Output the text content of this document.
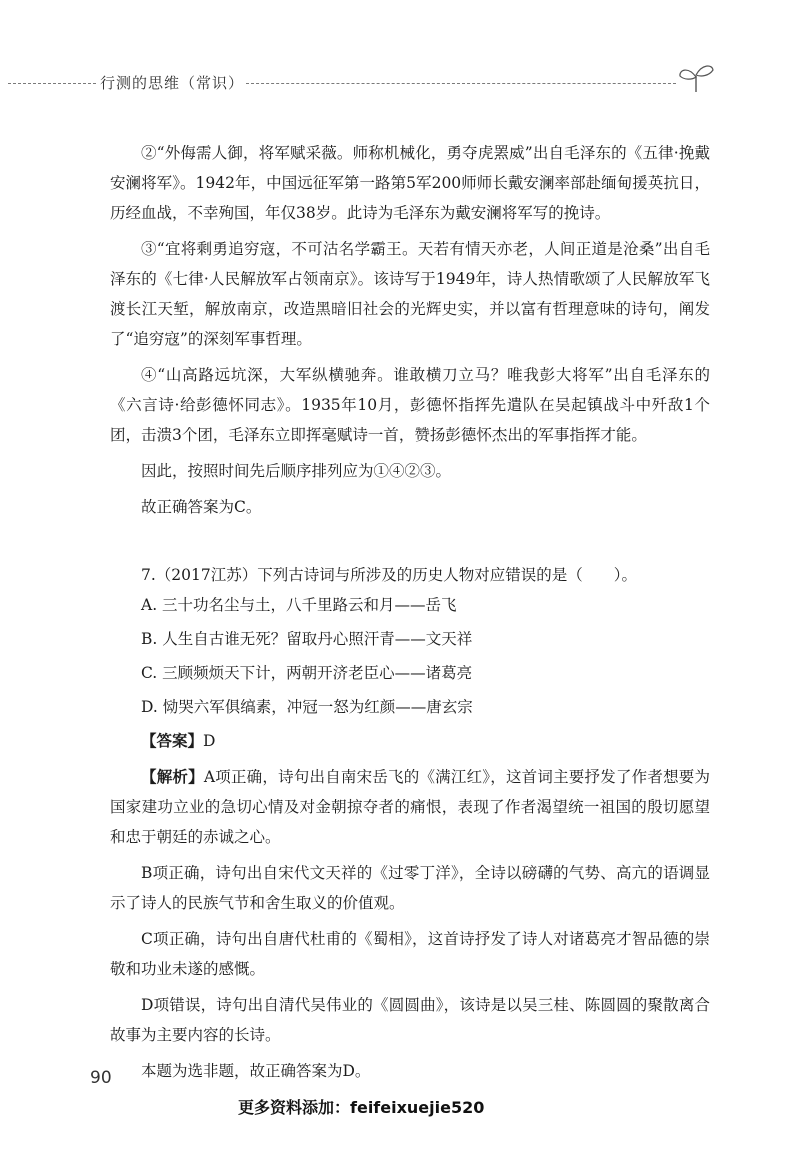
行测的思维（常识）

②“外侮需人御，将军赋采薇。师称机械化，勇夺虎罴威”出自毛泽东的《五律·挽戴安澜将军》。1942年，中国远征军第一路第5军200师师长戴安澜率部赴缅甸援英抗日，历经血战，不幸殉国，年仅38岁。此诗为毛泽东为戴安澜将军写的挽诗。

③“宜将剩勇追穷寇，不可沽名学霸王。天若有情天亦老，人间正道是沧桑”出自毛泽东的《七律·人民解放军占领南京》。该诗写于1949年，诗人热情歌颂了人民解放军飞渡长江天堑，解放南京，改造黑暗旧社会的光辉史实，并以富有哲理意味的诗句，阐发了“追穷寇”的深刻军事哲理。

④“山高路远坑深，大军纵横驰奔。谁敢横刀立马？唯我彭大将军”出自毛泽东的《六言诗·给彭德怀同志》。1935年10月，彭德怀指挥先遣队在吴起镇战斗中歼敌1个团，击溃3个团，毛泽东立即挥毫赋诗一首，赞扬彭德怀杰出的军事指挥才能。

因此，按照时间先后顺序排列应为①④②③。

故正确答案为C。

7.（2017江苏）下列古诗词与所涉及的历史人物对应错误的是（　　）。

A. 三十功名尘与土，八千里路云和月——岳飞

B. 人生自古谁无死？留取丹心照汗青——文天祥

C. 三顾频烦天下计，两朝开济老臣心——诸葛亮

D. 恸哭六军俱缟素，冲冠一怒为红颜——唐玄宗

【答案】D

【解析】A项正确，诗句出自南宋岳飞的《满江红》，这首词主要抒发了作者想要为国家建功立业的急切心情及对金朝掠夺者的痛恨，表现了作者渴望统一祖国的殷切愿望和忠于朝廷的赤诚之心。

B项正确，诗句出自宋代文天祥的《过零丁洋》，全诗以磅礴的气势、高亢的语调显示了诗人的民族气节和舍生取义的价值观。

C项正确，诗句出自唐代杜甫的《蜀相》，这首诗抒发了诗人对诸葛亮才智品德的崇敬和功业未遂的感慨。

D项错误，诗句出自清代吴伟业的《圆圆曲》，该诗是以吴三桂、陈圆圆的聚散离合故事为主要内容的长诗。

本题为选非题，故正确答案为D。

90
更多资料添加：feifeixuejie520
